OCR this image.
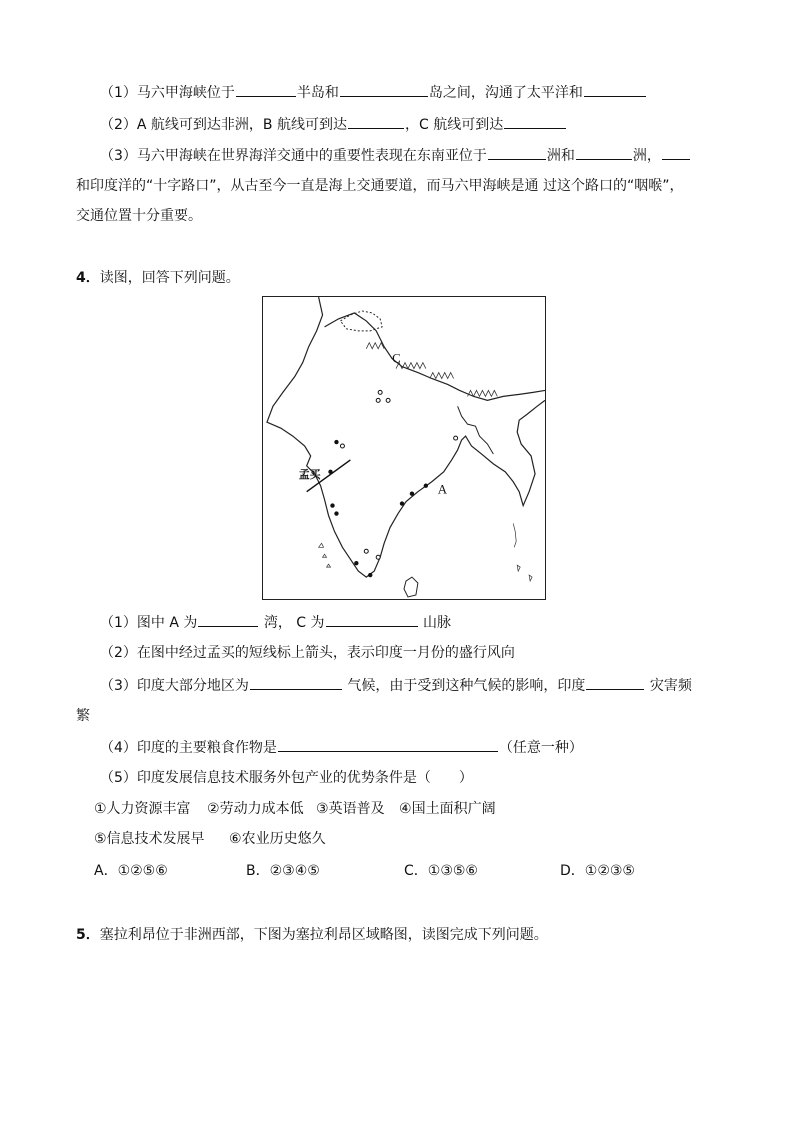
（1）马六甲海峡位于	半岛和	岛之间，沟通了太平洋和
（2）A 航线可到达非洲，B 航线可到达	，C 航线可到达
（3）马六甲海峡在世界海洋交通中的重要性表现在东南亚位于	洲和	洲，
和印度洋的“十字路口”，从古至今一直是海上交通要道，而马六甲海峡是通 过这个路口的“咽喉”，
交通位置十分重要。
4．读图，回答下列问题。
C
A
孟买
（1）图中 A 为	湾， C 为	山脉
（2）在图中经过孟买的短线标上箭头，表示印度一月份的盛行风向
（3）印度大部分地区为	气候，由于受到这种气候的影响，印度	灾害频
繁
（4）印度的主要粮食作物是	（任意一种）
（5）印度发展信息技术服务外包产业的优势条件是（　　）
①人力资源丰富 ②劳动力成本低 ③英语普及 ④国土面积广阔
⑤信息技术发展早 ⑥农业历史悠久
A．①②⑤⑥	B．②③④⑤	C．①③⑤⑥	D．①②③⑤
5．塞拉利昂位于非洲西部，下图为塞拉利昂区域略图，读图完成下列问题。
